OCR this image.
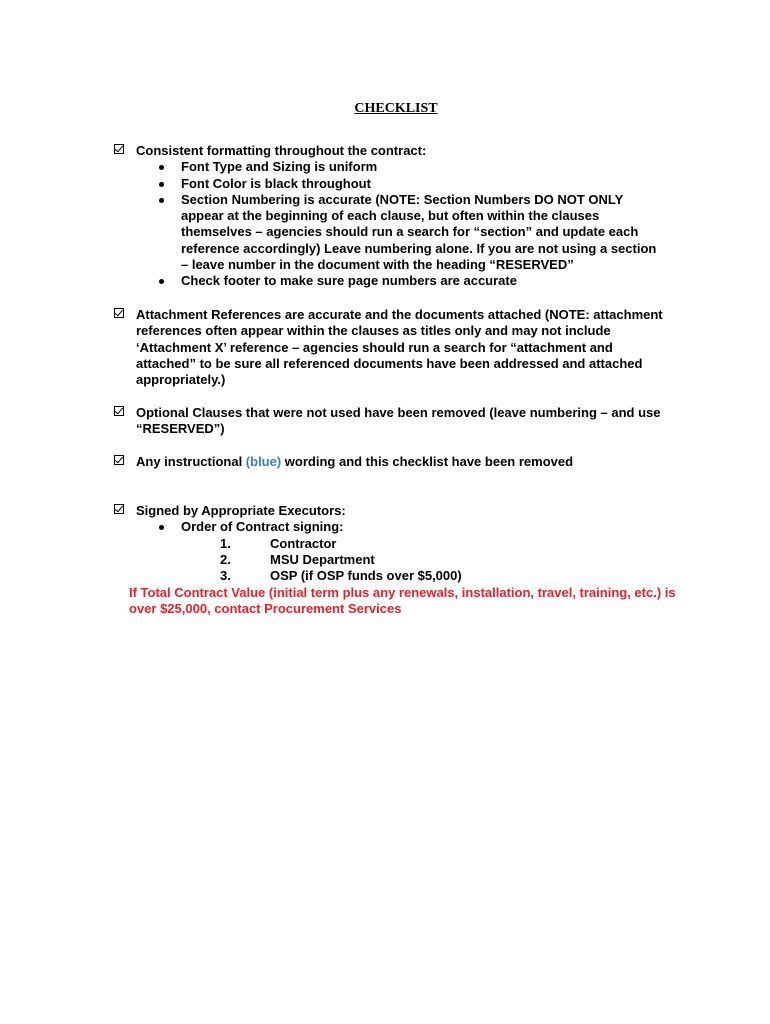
CHECKLIST
Consistent formatting throughout the contract:
Font Type and Sizing is uniform
Font Color is black throughout
Section Numbering is accurate (NOTE: Section Numbers DO NOT ONLY appear at the beginning of each clause, but often within the clauses themselves – agencies should run a search for “section” and update each reference accordingly) Leave numbering alone. If you are not using a section – leave number in the document with the heading “RESERVED”
Check footer to make sure page numbers are accurate
Attachment References are accurate and the documents attached (NOTE: attachment references often appear within the clauses as titles only and may not include ‘Attachment X’ reference – agencies should run a search for “attachment and attached” to be sure all referenced documents have been addressed and attached appropriately.)
Optional Clauses that were not used have been removed (leave numbering – and use “RESERVED”)
Any instructional (blue) wording and this checklist have been removed
Signed by Appropriate Executors:
Order of Contract signing:
1.	Contractor
2.	MSU Department
3.	OSP (if OSP funds over $5,000)
If Total Contract Value (initial term plus any renewals, installation, travel, training, etc.) is over $25,000, contact Procurement Services
